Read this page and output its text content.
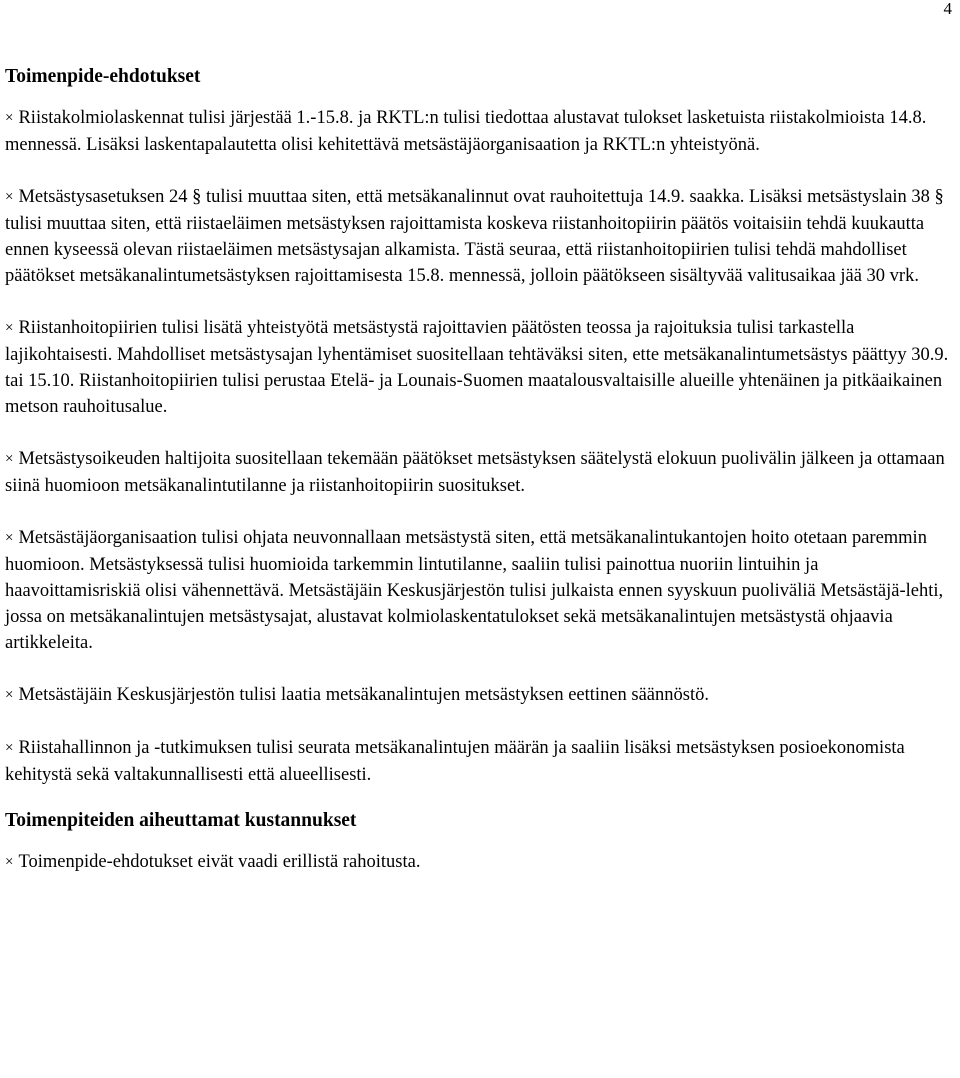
4
Toimenpide-ehdotukset

× Riistakolmiolaskennat tulisi järjestää 1.-15.8. ja RKTL:n tulisi tiedottaa alustavat tulokset lasketuista riistakolmioista 14.8. mennessä. Lisäksi laskentapalautetta olisi kehitettävä metsästäjäorganisaation ja RKTL:n yhteistyönä.

× Metsästysasetuksen 24 § tulisi muuttaa siten, että metsäkanalinnut ovat rauhoitettuja 14.9. saakka. Lisäksi metsästyslain 38 § tulisi muuttaa siten, että riistaeläimen metsästyksen rajoittamista koskeva riistanhoitopiirin päätös voitaisiin tehdä kuukautta ennen kyseessä olevan riistaeläimen metsästysajan alkamista. Tästä seuraa, että riistanhoitopiirien tulisi tehdä mahdolliset päätökset metsäkanalintumetsästyksen rajoittamisesta 15.8. mennessä, jolloin päätökseen sisältyvää valitusaikaa jää 30 vrk.

× Riistanhoitopiirien tulisi lisätä yhteistyötä metsästystä rajoittavien päätösten teossa ja rajoituksia tulisi tarkastella lajikohtaisesti. Mahdolliset metsästysajan lyhentämiset suositellaan tehtäväksi siten, ette metsäkanalintumetsästys päättyy 30.9. tai 15.10. Riistanhoitopiirien tulisi perustaa Etelä- ja Lounais-Suomen maatalousvaltaisille alueille yhtenäinen ja pitkäaikainen metson rauhoitusalue.

× Metsästysoikeuden haltijoita suositellaan tekemään päätökset metsästyksen säätelystä elokuun puolivälin jälkeen ja ottamaan siinä huomioon metsäkanalintutilanne ja riistanhoitopiirin suositukset.

× Metsästäjäorganisaation tulisi ohjata neuvonnallaan metsästystä siten, että metsäkanalintukantojen hoito otetaan paremmin huomioon. Metsästyksessä tulisi huomioida tarkemmin lintutilanne, saaliin tulisi painottua nuoriin lintuihin ja haavoittamisriskiä olisi vähennettävä. Metsästäjäin Keskusjärjestön tulisi julkaista ennen syyskuun puoliväliä Metsästäjä-lehti, jossa on metsäkanalintujen metsästysajat, alustavat kolmiolaskentatulokset sekä metsäkanalintujen metsästystä ohjaavia artikkeleita.

× Metsästäjäin Keskusjärjestön tulisi laatia metsäkanalintujen metsästyksen eettinen säännöstö.

× Riistahallinnon ja -tutkimuksen tulisi seurata metsäkanalintujen määrän ja saaliin lisäksi metsästyksen posioekonomista kehitystä sekä valtakunnallisesti että alueellisesti.

Toimenpiteiden aiheuttamat kustannukset

× Toimenpide-ehdotukset eivät vaadi erillistä rahoitusta.
